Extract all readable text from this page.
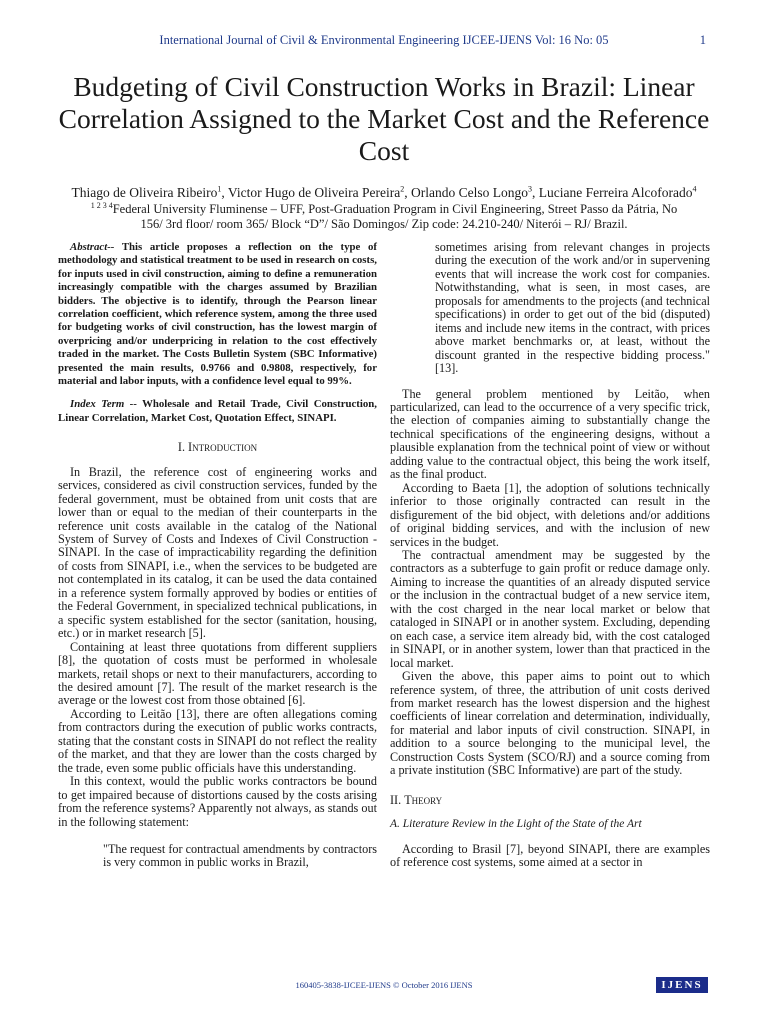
International Journal of Civil & Environmental Engineering IJCEE-IJENS Vol: 16 No: 05	1
Budgeting of Civil Construction Works in Brazil: Linear Correlation Assigned to the Market Cost and the Reference Cost
Thiago de Oliveira Ribeiro$^1$, Victor Hugo de Oliveira Pereira$^2$, Orlando Celso Longo$^3$, Luciane Ferreira Alcoforado$^4$
$^{1 2 3 4}$Federal University Fluminense – UFF, Post-Graduation Program in Civil Engineering, Street Passo da Pátria, No 156/ 3rd floor/ room 365/ Block “D”/ São Domingos/ Zip code: 24.210-240/ Niterói – RJ/ Brazil.

Abstract-- This article proposes a reflection on the type of methodology and statistical treatment to be used in research on costs, for inputs used in civil construction, aiming to define a remuneration increasingly compatible with the charges assumed by Brazilian bidders. The objective is to identify, through the Pearson linear correlation coefficient, which reference system, among the three used for budgeting works of civil construction, has the lowest margin of overpricing and/or underpricing in relation to the cost effectively traded in the market. The Costs Bulletin System (SBC Informative) presented the main results, 0.9766 and 0.9808, respectively, for material and labor inputs, with a confidence level equal to 99%.

Index Term -- Wholesale and Retail Trade, Civil Construction, Linear Correlation, Market Cost, Quotation Effect, SINAPI.

I. Introduction

In Brazil, the reference cost of engineering works and services, considered as civil construction services, funded by the federal government, must be obtained from unit costs that are lower than or equal to the median of their counterparts in the reference unit costs available in the catalog of the National System of Survey of Costs and Indexes of Civil Construction - SINAPI. In the case of impracticability regarding the definition of costs from SINAPI, i.e., when the services to be budgeted are not contemplated in its catalog, it can be used the data contained in a reference system formally approved by bodies or entities of the Federal Government, in specialized technical publications, in a specific system established for the sector (sanitation, housing, etc.) or in market research [5].

Containing at least three quotations from different suppliers [8], the quotation of costs must be performed in wholesale markets, retail shops or next to their manufacturers, according to the desired amount [7]. The result of the market research is the average or the lowest cost from those obtained [6].

According to Leitão [13], there are often allegations coming from contractors during the execution of public works contracts, stating that the constant costs in SINAPI do not reflect the reality of the market, and that they are lower than the costs charged by the trade, even some public officials have this understanding.

In this context, would the public works contractors be bound to get impaired because of distortions caused by the costs arising from the reference systems? Apparently not always, as stands out in the following statement:

"The request for contractual amendments by contractors is very common in public works in Brazil,

sometimes arising from relevant changes in projects during the execution of the work and/or in supervening events that will increase the work cost for companies. Notwithstanding, what is seen, in most cases, are proposals for amendments to the projects (and technical specifications) in order to get out of the bid (disputed) items and include new items in the contract, with prices above market benchmarks or, at least, without the discount granted in the respective bidding process." [13].

The general problem mentioned by Leitão, when particularized, can lead to the occurrence of a very specific trick, the election of companies aiming to substantially change the technical specifications of the engineering designs, without a plausible explanation from the technical point of view or without adding value to the contractual object, this being the work itself, as the final product.

According to Baeta [1], the adoption of solutions technically inferior to those originally contracted can result in the disfigurement of the bid object, with deletions and/or additions of original bidding services, and with the inclusion of new services in the budget.

The contractual amendment may be suggested by the contractors as a subterfuge to gain profit or reduce damage only. Aiming to increase the quantities of an already disputed service or the inclusion in the contractual budget of a new service item, with the cost charged in the near local market or below that cataloged in SINAPI or in another system. Excluding, depending on each case, a service item already bid, with the cost cataloged in SINAPI, or in another system, lower than that practiced in the local market.

Given the above, this paper aims to point out to which reference system, of three, the attribution of unit costs derived from market research has the lowest dispersion and the highest coefficients of linear correlation and determination, individually, for material and labor inputs of civil construction. SINAPI, in addition to a source belonging to the municipal level, the Construction Costs System (SCO/RJ) and a source coming from a private institution (SBC Informative) are part of the study.

II. Theory
A. Literature Review in the Light of the State of the Art

According to Brasil [7], beyond SINAPI, there are examples of reference cost systems, some aimed at a sector in

160405-3838-IJCEE-IJENS © October 2016 IJENS	IJENS
